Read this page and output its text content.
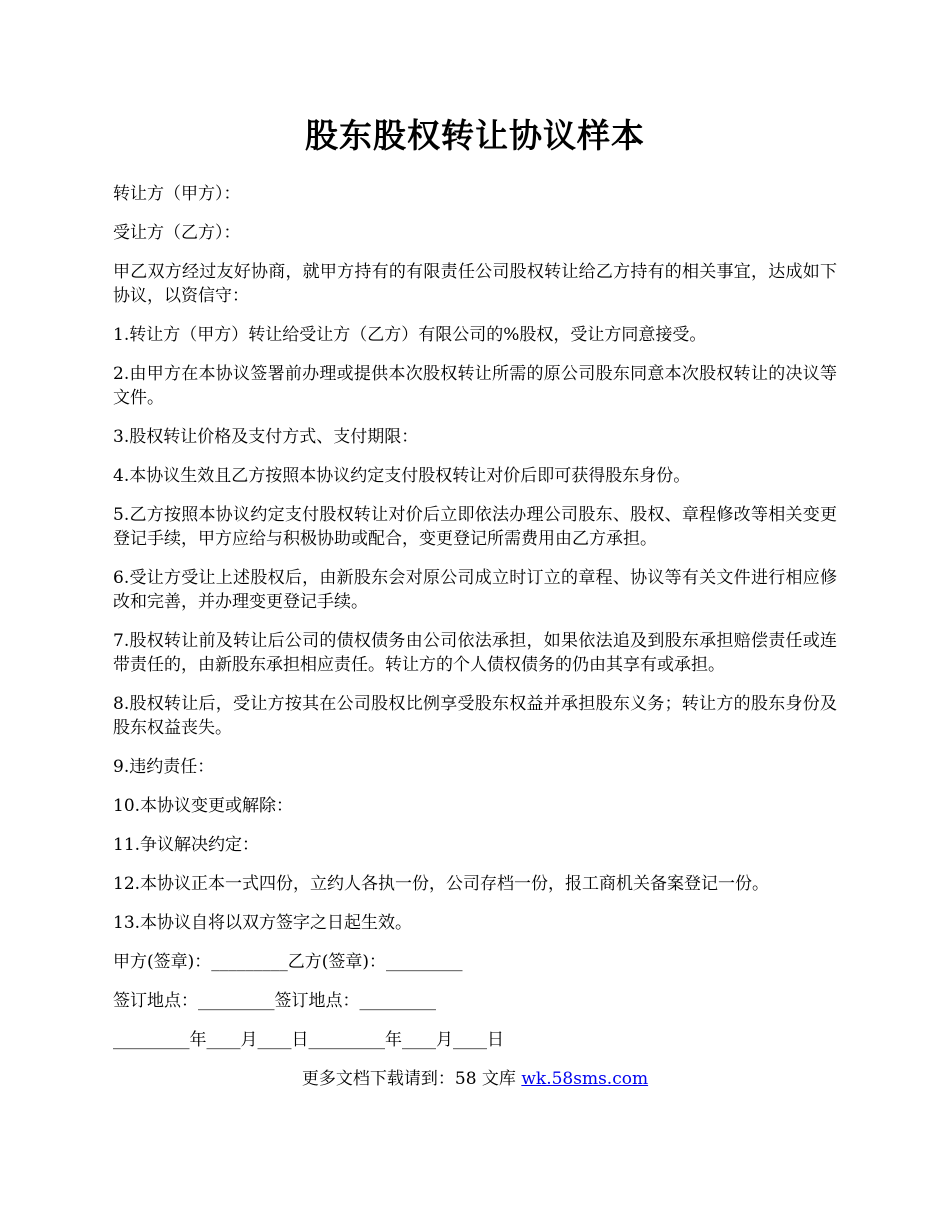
股东股权转让协议样本

转让方（甲方）：

受让方（乙方）：

甲乙双方经过友好协商，就甲方持有的有限责任公司股权转让给乙方持有的相关事宜，达成如下协议，以资信守：

1.转让方（甲方）转让给受让方（乙方）有限公司的%股权，受让方同意接受。

2.由甲方在本协议签署前办理或提供本次股权转让所需的原公司股东同意本次股权转让的决议等文件。

3.股权转让价格及支付方式、支付期限：

4.本协议生效且乙方按照本协议约定支付股权转让对价后即可获得股东身份。

5.乙方按照本协议约定支付股权转让对价后立即依法办理公司股东、股权、章程修改等相关变更登记手续，甲方应给与积极协助或配合，变更登记所需费用由乙方承担。

6.受让方受让上述股权后，由新股东会对原公司成立时订立的章程、协议等有关文件进行相应修改和完善，并办理变更登记手续。

7.股权转让前及转让后公司的债权债务由公司依法承担，如果依法追及到股东承担赔偿责任或连带责任的，由新股东承担相应责任。转让方的个人债权债务的仍由其享有或承担。

8.股权转让后，受让方按其在公司股权比例享受股东权益并承担股东义务；转让方的股东身份及股东权益丧失。

9.违约责任：

10.本协议变更或解除：

11.争议解决约定：

12.本协议正本一式四份，立约人各执一份，公司存档一份，报工商机关备案登记一份。

13.本协议自将以双方签字之日起生效。

甲方(签章)：_________乙方(签章)：_________

签订地点：_________签订地点：_________

_________年____月____日_________年____月____日

更多文档下载请到：58 文库 wk.58sms.com
